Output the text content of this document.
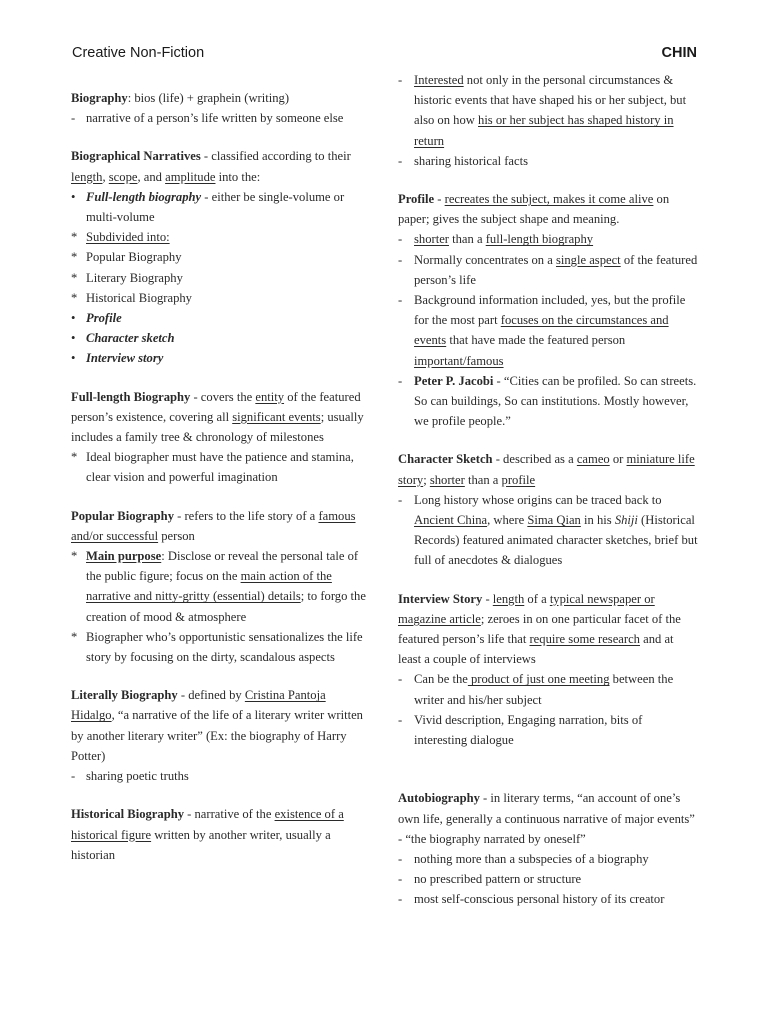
Creative Non-Fiction	CHIN

Biography: bios (life) + graphein (writing)

- narrative of a person’s life written by someone else

Biographical Narratives - classified according to their length, scope, and amplitude into the:

• Full-length biography - either be single-volume or multi-volume
* Subdivided into:
* Popular Biography
* Literary Biography
* Historical Biography
• Profile
• Character sketch
• Interview story

Full-length Biography - covers the entity of the featured person’s existence, covering all significant events; usually includes a family tree & chronology of milestones

* Ideal biographer must have the patience and stamina, clear vision and powerful imagination

Popular Biography - refers to the life story of a famous and/or successful person

* Main purpose: Disclose or reveal the personal tale of the public figure; focus on the main action of the narrative and nitty-gritty (essential) details; to forgo the creation of mood & atmosphere
* Biographer who’s opportunistic sensationalizes the life story by focusing on the dirty, scandalous aspects

Literally Biography - defined by Cristina Pantoja Hidalgo, “a narrative of the life of a literary writer written by another literary writer” (Ex: the biography of Harry Potter)

- sharing poetic truths

Historical Biography - narrative of the existence of a historical figure written by another writer, usually a historian

- Interested not only in the personal circumstances & historic events that have shaped his or her subject, but also on how his or her subject has shaped history in return
- sharing historical facts

Profile - recreates the subject, makes it come alive on paper; gives the subject shape and meaning.

- shorter than a full-length biography
- Normally concentrates on a single aspect of the featured person’s life
- Background information included, yes, but the profile for the most part focuses on the circumstances and events that have made the featured person important/famous
- Peter P. Jacobi - “Cities can be profiled. So can streets. So can buildings, So can institutions. Mostly however, we profile people.”

Character Sketch - described as a cameo or miniature life story; shorter than a profile

- Long history whose origins can be traced back to Ancient China, where Sima Qian in his Shiji (Historical Records) featured animated character sketches, brief but full of anecdotes & dialogues

Interview Story - length of a typical newspaper or magazine article; zeroes in on one particular facet of the featured person’s life that require some research and at least a couple of interviews

- Can be the product of just one meeting between the writer and his/her subject
- Vivid description, Engaging narration, bits of interesting dialogue

Autobiography - in literary terms, “an account of one’s own life, generally a continuous narrative of major events”

- “the biography narrated by oneself”

- nothing more than a subspecies of a biography
- no prescribed pattern or structure
- most self-conscious personal history of its creator
